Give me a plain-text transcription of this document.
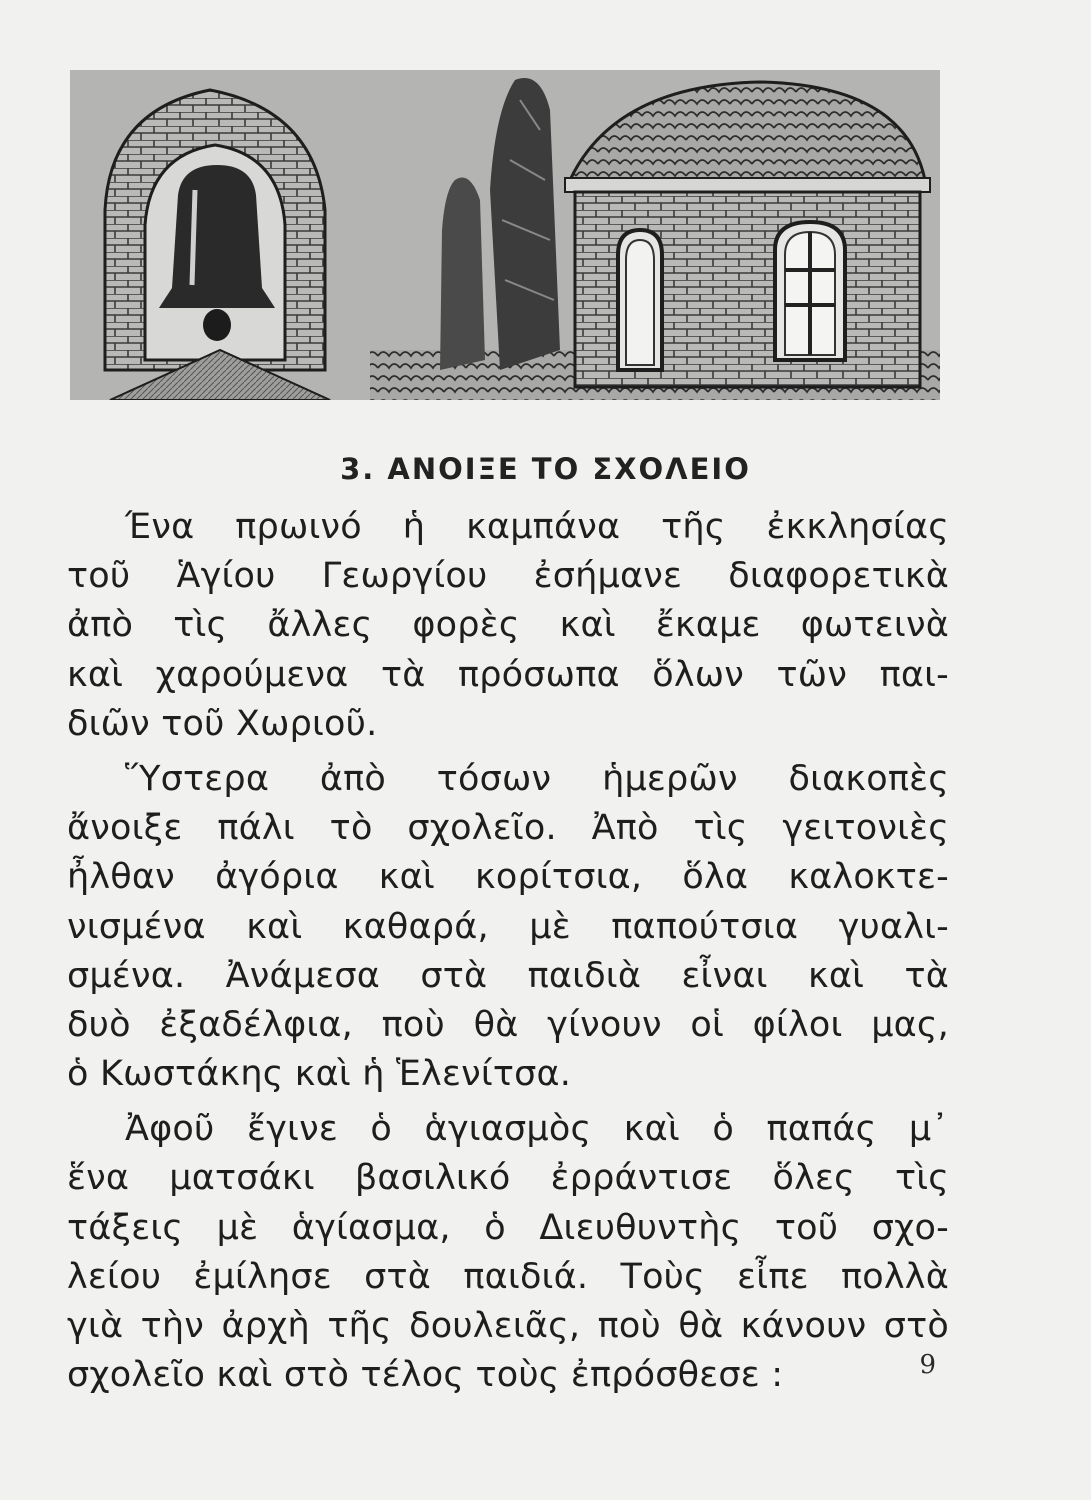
3. ΑΝΟΙΞΕ ΤΟ ΣΧΟΛΕΙΟ
Ένα πρωινό ἡ καμπάνα τῆς ἐκκλησίας
τοῦ Ἁγίου Γεωργίου ἐσήμανε διαφορετικὰ
ἀπὸ τὶς ἄλλες φορὲς καὶ ἔκαμε φωτεινὰ
καὶ χαρούμενα τὰ πρόσωπα ὅλων τῶν παι-
διῶν τοῦ Χωριοῦ.
Ὕστερα ἀπὸ τόσων ἡμερῶν διακοπὲς
ἄνοιξε πάλι τὸ σχολεῖο. Ἀπὸ τὶς γειτονιὲς
ἦλθαν ἀγόρια καὶ κορίτσια, ὅλα καλοκτε-
νισμένα καὶ καθαρά, μὲ παπούτσια γυαλι-
σμένα. Ἀνάμεσα στὰ παιδιὰ εἶναι καὶ τὰ
δυὸ ἐξαδέλφια, ποὺ θὰ γίνουν οἱ φίλοι μας,
ὁ Κωστάκης καὶ ἡ Ἑλενίτσα.
Ἀφοῦ ἔγινε ὁ ἁγιασμὸς καὶ ὁ παπάς μ᾽
ἕνα ματσάκι βασιλικό ἐρράντισε ὅλες τὶς
τάξεις μὲ ἁγίασμα, ὁ Διευθυντὴς τοῦ σχο-
λείου ἐμίλησε στὰ παιδιά. Τοὺς εἶπε πολλὰ
γιὰ τὴν ἀρχὴ τῆς δουλειᾶς, ποὺ θὰ κάνουν στὸ
σχολεῖο καὶ στὸ τέλος τοὺς ἐπρόσθεσε :	9
